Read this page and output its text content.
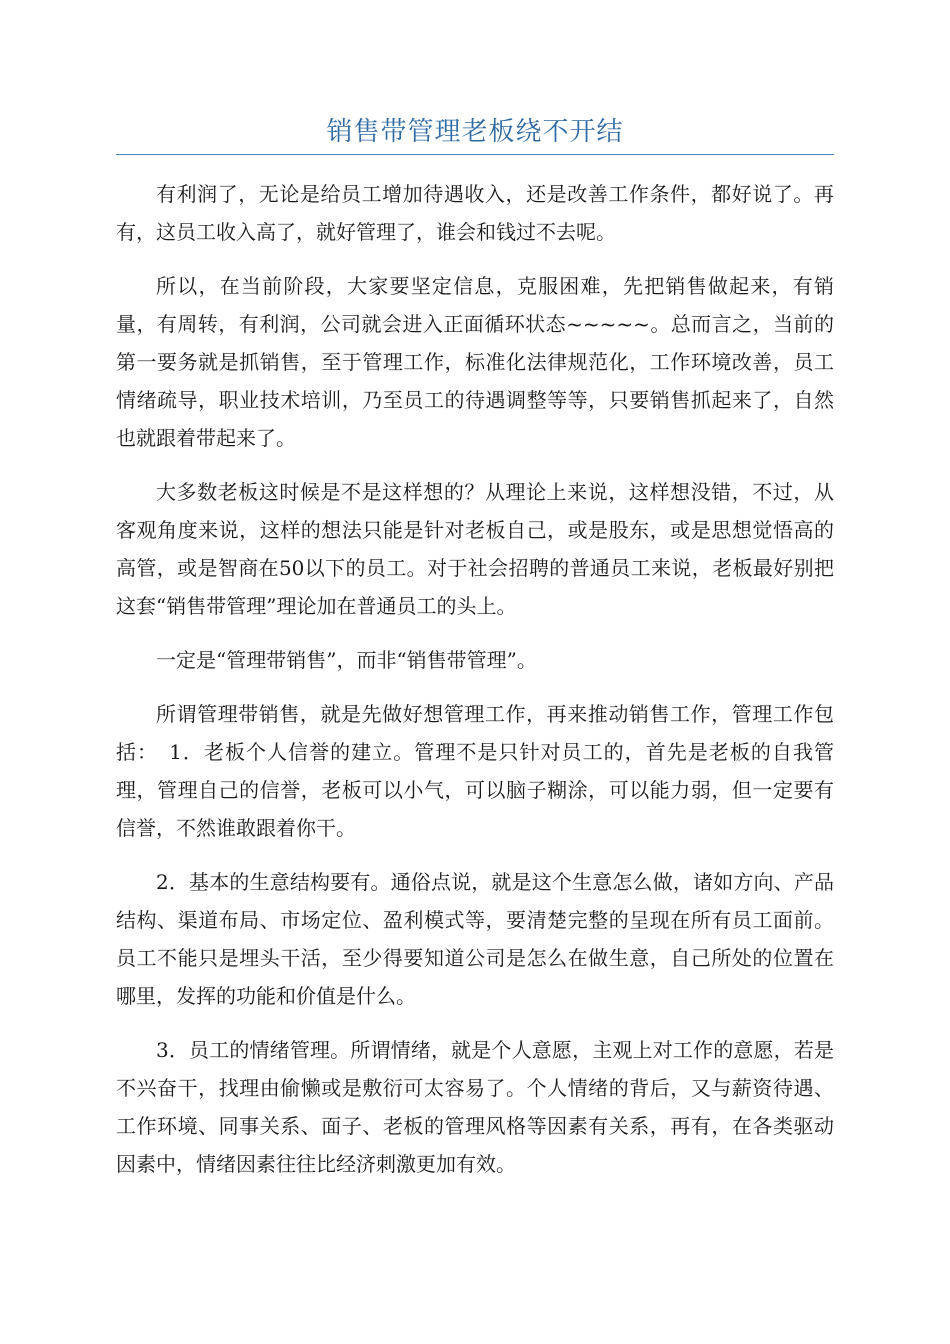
销售带管理老板绕不开结

有利润了，无论是给员工增加待遇收入，还是改善工作条件，都好说了。再有，这员工收入高了，就好管理了，谁会和钱过不去呢。

所以，在当前阶段，大家要坚定信息，克服困难，先把销售做起来，有销量，有周转，有利润，公司就会进入正面循环状态~~~~~。总而言之，当前的第一要务就是抓销售，至于管理工作，标准化法律规范化，工作环境改善，员工情绪疏导，职业技术培训，乃至员工的待遇调整等等，只要销售抓起来了，自然也就跟着带起来了。

大多数老板这时候是不是这样想的？从理论上来说，这样想没错，不过，从客观角度来说，这样的想法只能是针对老板自己，或是股东，或是思想觉悟高的高管，或是智商在50以下的员工。对于社会招聘的普通员工来说，老板最好别把这套“销售带管理”理论加在普通员工的头上。

一定是“管理带销售”，而非“销售带管理”。

所谓管理带销售，就是先做好想管理工作，再来推动销售工作，管理工作包括：　1．老板个人信誉的建立。管理不是只针对员工的，首先是老板的自我管理，管理自己的信誉，老板可以小气，可以脑子糊涂，可以能力弱，但一定要有信誉，不然谁敢跟着你干。

2．基本的生意结构要有。通俗点说，就是这个生意怎么做，诸如方向、产品结构、渠道布局、市场定位、盈利模式等，要清楚完整的呈现在所有员工面前。员工不能只是埋头干活，至少得要知道公司是怎么在做生意，自己所处的位置在哪里，发挥的功能和价值是什么。

3．员工的情绪管理。所谓情绪，就是个人意愿，主观上对工作的意愿，若是不兴奋干，找理由偷懒或是敷衍可太容易了。个人情绪的背后，又与薪资待遇、工作环境、同事关系、面子、老板的管理风格等因素有关系，再有，在各类驱动因素中，情绪因素往往比经济刺激更加有效。
